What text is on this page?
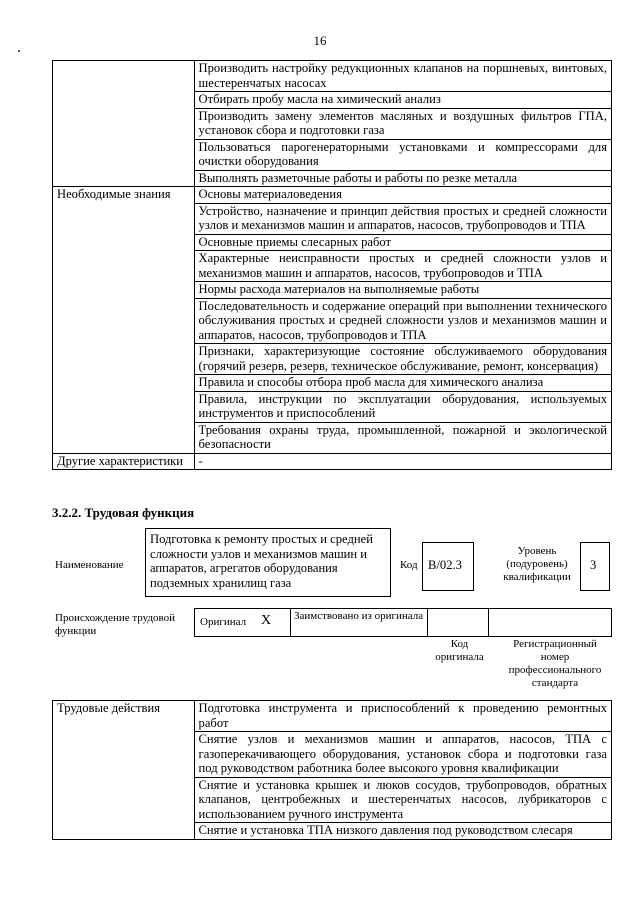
16
	Производить настройку редукционных клапанов на поршневых, винтовых, шестеренчатых насосах
	Отбирать пробу масла на химический анализ
	Производить замену элементов масляных и воздушных фильтров ГПА, установок сбора и подготовки газа
	Пользоваться парогенераторными установками и компрессорами для очистки оборудования
	Выполнять разметочные работы и работы по резке металла
Необходимые знания	Основы материаловедения
	Устройство, назначение и принцип действия простых и средней сложности узлов и механизмов машин и аппаратов, насосов, трубопроводов и ТПА
	Основные приемы слесарных работ
	Характерные неисправности простых и средней сложности узлов и механизмов машин и аппаратов, насосов, трубопроводов и ТПА
	Нормы расхода материалов на выполняемые работы
	Последовательность и содержание операций при выполнении технического обслуживания простых и средней сложности узлов и механизмов машин и аппаратов, насосов, трубопроводов и ТПА
	Признаки, характеризующие состояние обслуживаемого оборудования (горячий резерв, резерв, техническое обслуживание, ремонт, консервация)
	Правила и способы отбора проб масла для химического анализа
	Правила, инструкции по эксплуатации оборудования, используемых инструментов и приспособлений
	Требования охраны труда, промышленной, пожарной и экологической безопасности
Другие характеристики	-
3.2.2. Трудовая функция
Наименование
Подготовка к ремонту простых и средней сложности узлов и механизмов машин и аппаратов, агрегатов оборудования подземных хранилищ газа
Код B/02.3
Уровень (подуровень) квалификации
3
Происхождение трудовой функции
Оригинал X Заимствовано из оригинала
Код оригинала
Регистрационный номер профессионального стандарта
Трудовые действия	Подготовка инструмента и приспособлений к проведению ремонтных работ
Снятие узлов и механизмов машин и аппаратов, насосов, ТПА с газоперекачивающего оборудования, установок сбора и подготовки газа под руководством работника более высокого уровня квалификации
Снятие и установка крышек и люков сосудов, трубопроводов, обратных клапанов, центробежных и шестеренчатых насосов, лубрикаторов с использованием ручного инструмента
Снятие и установка ТПА низкого давления под руководством слесаря
